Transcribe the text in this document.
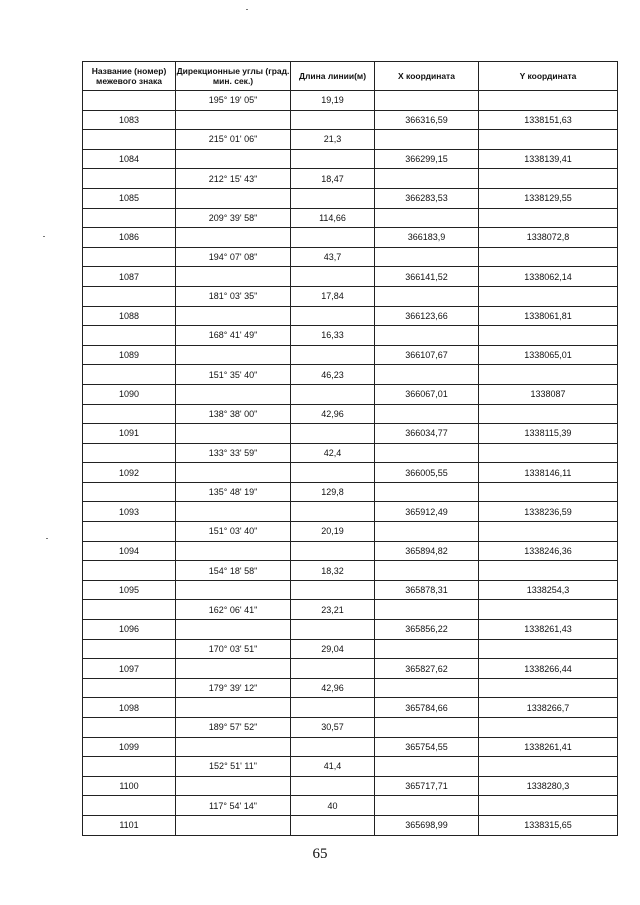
Название (номер) межевого знака	Дирекционные углы (град. мин. сек.)	Длина линии(м)	X координата	Y координата
	195° 19' 05"	19,19		
1083			366316,59	1338151,63
	215° 01' 06"	21,3		
1084			366299,15	1338139,41
	212° 15' 43"	18,47		
1085			366283,53	1338129,55
	209° 39' 58"	114,66		
1086			366183,9	1338072,8
	194° 07' 08"	43,7		
1087			366141,52	1338062,14
	181° 03' 35"	17,84		
1088			366123,66	1338061,81
	168° 41' 49"	16,33		
1089			366107,67	1338065,01
	151° 35' 40"	46,23		
1090			366067,01	1338087
	138° 38' 00"	42,96		
1091			366034,77	1338115,39
	133° 33' 59"	42,4		
1092			366005,55	1338146,11
	135° 48' 19"	129,8		
1093			365912,49	1338236,59
	151° 03' 40"	20,19		
1094			365894,82	1338246,36
	154° 18' 58"	18,32		
1095			365878,31	1338254,3
	162° 06' 41"	23,21		
1096			365856,22	1338261,43
	170° 03' 51"	29,04		
1097			365827,62	1338266,44
	179° 39' 12"	42,96		
1098			365784,66	1338266,7
	189° 57' 52"	30,57		
1099			365754,55	1338261,41
	152° 51' 11"	41,4		
1100			365717,71	1338280,3
	117° 54' 14"	40		
1101			365698,99	1338315,65
65
